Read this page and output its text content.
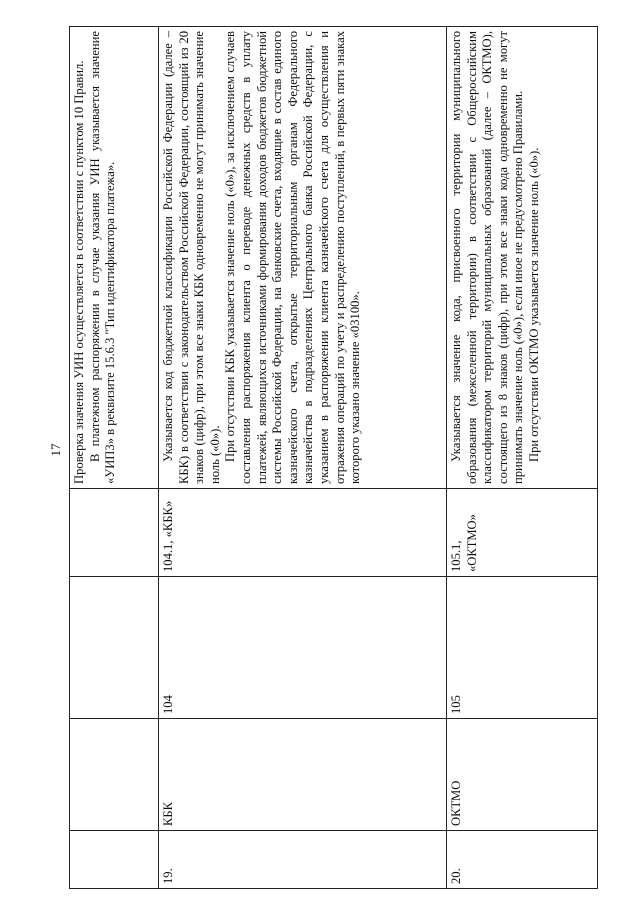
17

				Проверка значения УИН осуществляется в соответствии с пунктом 10 Правил. В платежном распоряжении в случае указания УИН указывается значение «УИП3» в реквизите 15.6.3 "Тип идентификатора платежа».

19.	КБК	104	104.1, «КБК»	Указывается код бюджетной классификации Российской Федерации (далее – КБК) в соответствии с законодательством Российской Федерации, состоящий из 20 знаков (цифр), при этом все знаки КБК одновременно не могут принимать значение ноль («0»). При отсутствии КБК указывается значение ноль («0»), за исключением случаев составления распоряжения клиента о переводе денежных средств в уплату платежей, являющихся источниками формирования доходов бюджетов бюджетной системы Российской Федерации, на банковские счета, входящие в состав единого казначейского счета, открытые территориальным органам Федерального казначейства в подразделениях Центрального банка Российской Федерации, с указанием в распоряжении клиента казначейского счета для осуществления и отражения операций по учету и распределению поступлений, в первых пяти знаках которого указано значение «03100».

20.	ОКТМО	105	105.1, «ОКТМО»	Указывается значение кода, присвоенного территории муниципального образования (межселенной территории) в соответствии с Общероссийским классификатором территорий муниципальных образований (далее – ОКТМО), состоящего из 8 знаков (цифр), при этом все знаки кода одновременно не могут принимать значение ноль («0»), если иное не предусмотрено Правилами. При отсутствии ОКТМО указывается значение ноль («0»).
